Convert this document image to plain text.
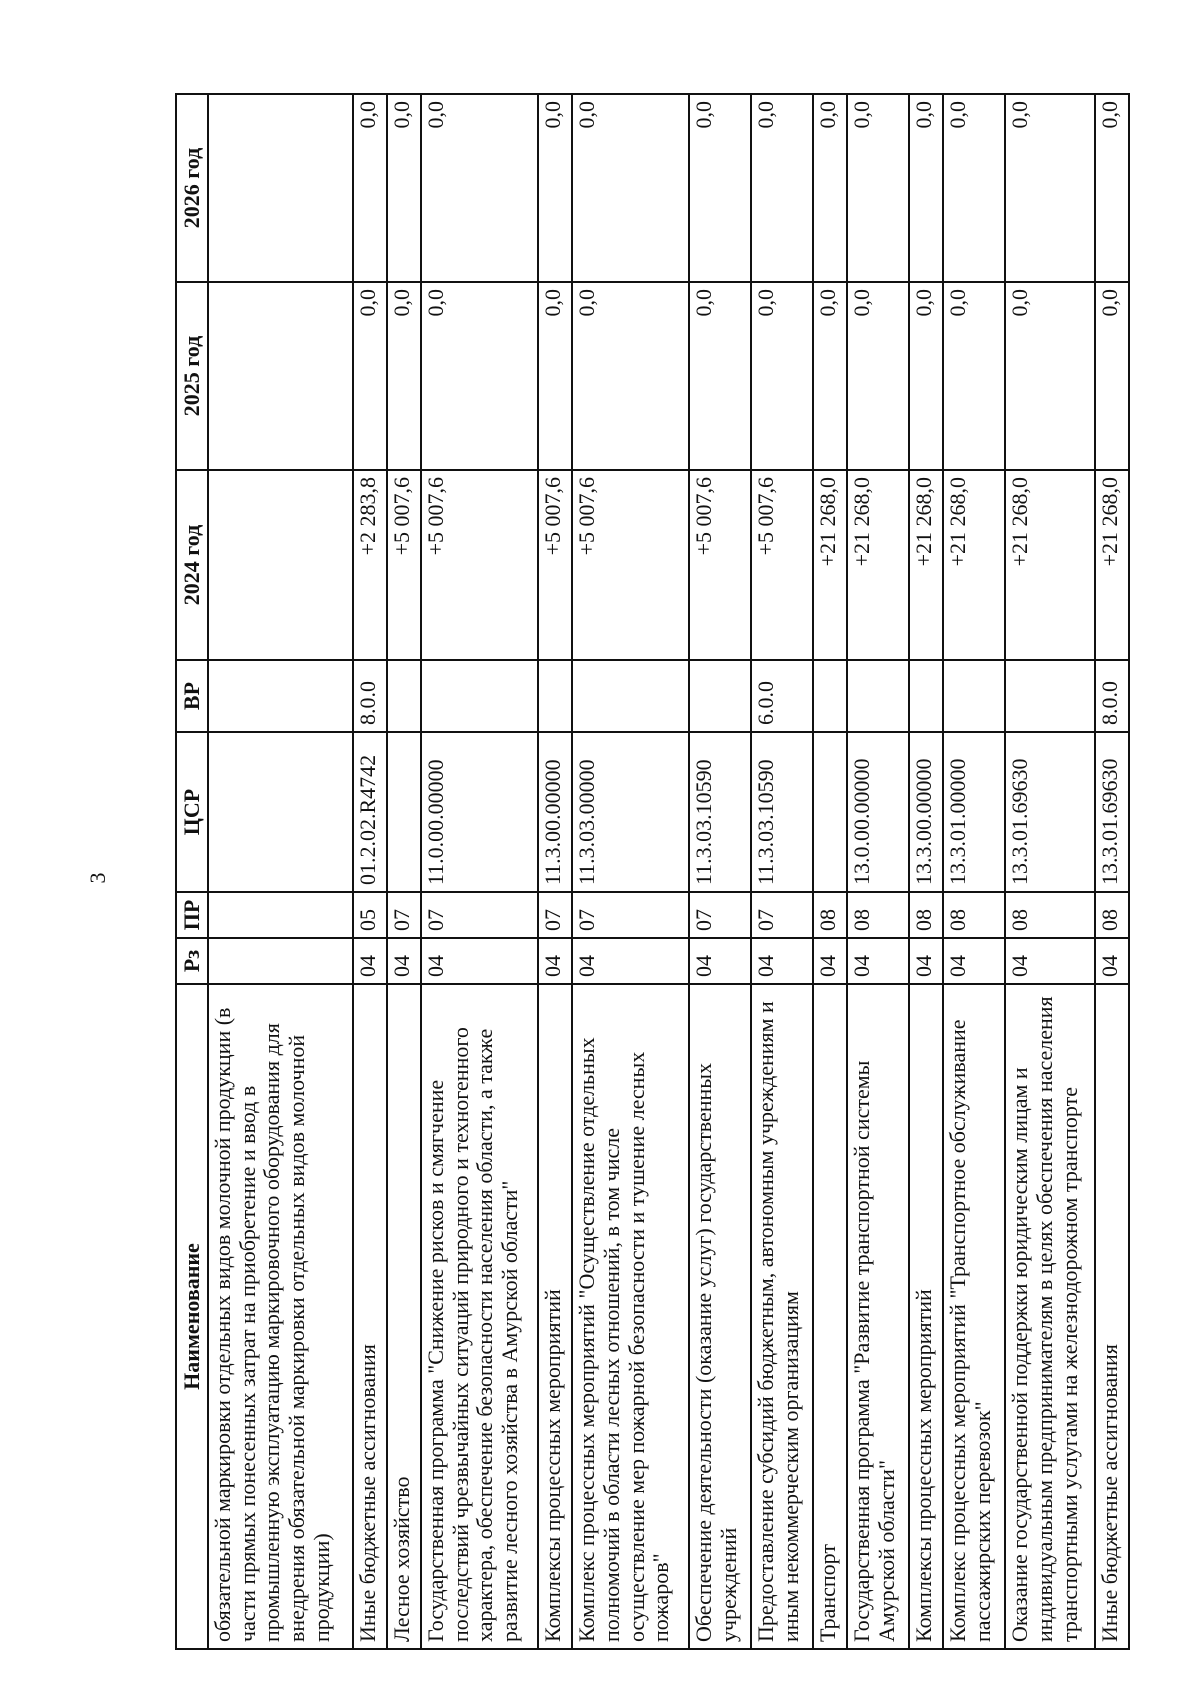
3
Наименование	Рз	ПР	ЦСР	ВР	2024 год	2025 год	2026 год
обязательной маркировки отдельных видов молочной продукции (в части прямых понесенных затрат на приобретение и ввод в промышленную эксплуатацию маркировочного оборудования для внедрения обязательной маркировки отдельных видов молочной продукции)							
Иные бюджетные ассигнования	04	05	01.2.02.R4742	8.0.0	+2 283,8	0,0	0,0
Лесное хозяйство	04	07			+5 007,6	0,0	0,0
Государственная программа "Снижение рисков и смягчение последствий чрезвычайных ситуаций природного и техногенного характера, обеспечение безопасности населения области, а также развитие лесного хозяйства в Амурской области"	04	07	11.0.00.00000		+5 007,6	0,0	0,0
Комплексы процессных мероприятий	04	07	11.3.00.00000		+5 007,6	0,0	0,0
Комплекс процессных мероприятий "Осуществление отдельных полномочий в области лесных отношений, в том числе осуществление мер пожарной безопасности и тушение лесных пожаров"	04	07	11.3.03.00000		+5 007,6	0,0	0,0
Обеспечение деятельности (оказание услуг) государственных учреждений	04	07	11.3.03.10590		+5 007,6	0,0	0,0
Предоставление субсидий бюджетным, автономным учреждениям и иным некоммерческим организациям	04	07	11.3.03.10590	6.0.0	+5 007,6	0,0	0,0
Транспорт	04	08			+21 268,0	0,0	0,0
Государственная программа "Развитие транспортной системы Амурской области"	04	08	13.0.00.00000		+21 268,0	0,0	0,0
Комплексы процессных мероприятий	04	08	13.3.00.00000		+21 268,0	0,0	0,0
Комплекс процессных мероприятий "Транспортное обслуживание пассажирских перевозок"	04	08	13.3.01.00000		+21 268,0	0,0	0,0
Оказание государственной поддержки юридическим лицам и индивидуальным предпринимателям в целях обеспечения населения транспортными услугами на железнодорожном транспорте	04	08	13.3.01.69630		+21 268,0	0,0	0,0
Иные бюджетные ассигнования	04	08	13.3.01.69630	8.0.0	+21 268,0	0,0	0,0
